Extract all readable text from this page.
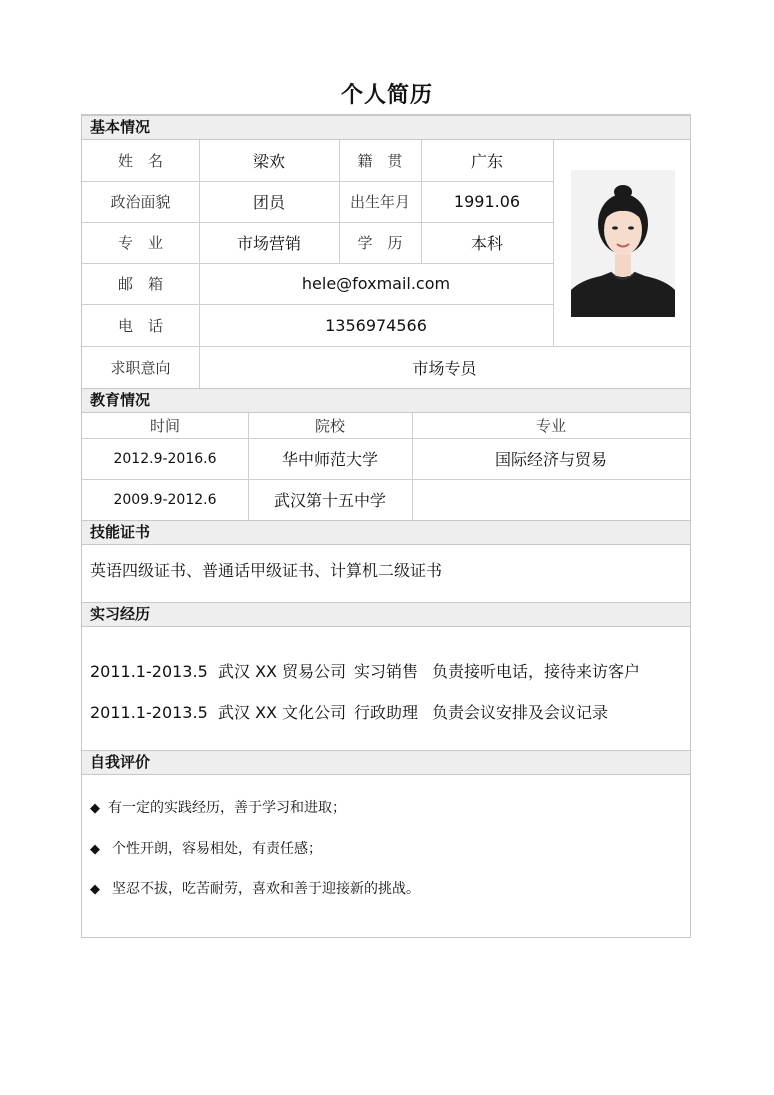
个人简历
基本情况
姓　名	梁欢	籍　贯	广东
政治面貌	团员	出生年月	1991.06
专　业	市场营销	学　历	本科
邮　箱	hele@foxmail.com
电　话	1356974566
求职意向	市场专员
教育情况
时间	院校	专业
2012.9-2016.6	华中师范大学	国际经济与贸易
2009.9-2012.6	武汉第十五中学
技能证书
英语四级证书、普通话甲级证书、计算机二级证书
实习经历
2011.1-2013.5 武汉 XX 贸易公司 实习销售 负责接听电话，接待来访客户
2011.1-2013.5 武汉 XX 文化公司 行政助理 负责会议安排及会议记录
自我评价
◆ 有一定的实践经历，善于学习和进取；
◆ 个性开朗，容易相处，有责任感；
◆ 坚忍不拔，吃苦耐劳，喜欢和善于迎接新的挑战。
